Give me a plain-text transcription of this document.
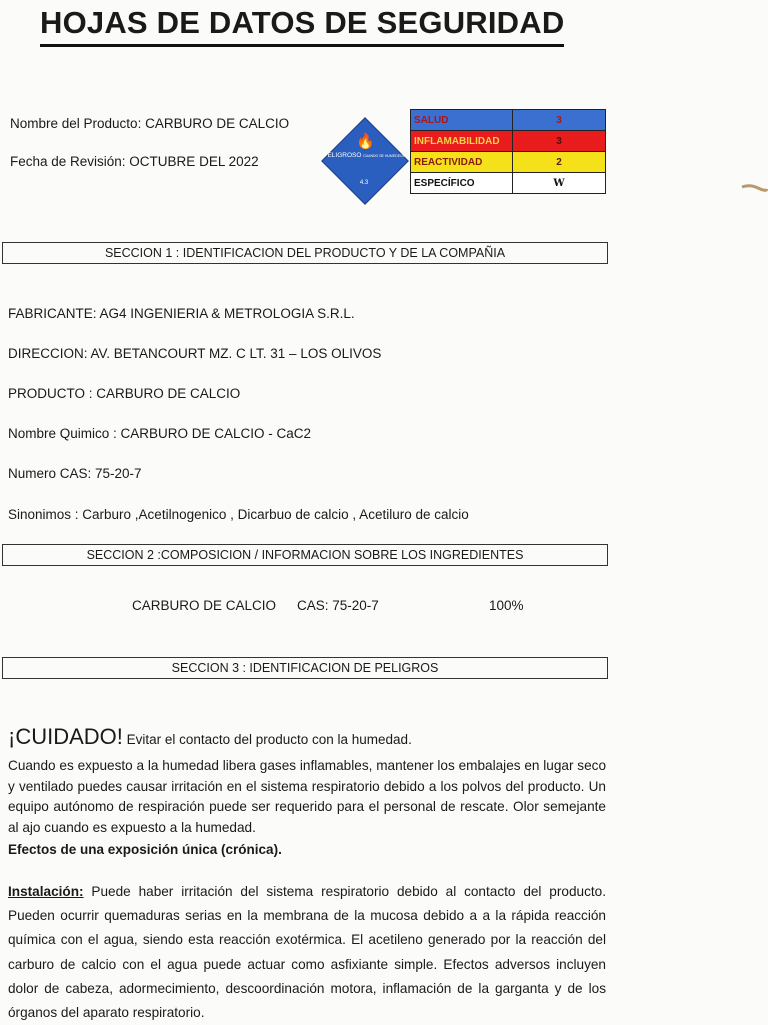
HOJAS DE DATOS DE SEGURIDAD
Nombre del Producto: CARBURO DE CALCIO
Fecha de Revisión: OCTUBRE DEL 2022
🔥
PELIGROSO CUANDO SE HUMEDECE
4.3
SALUD	3
INFLAMABILIDAD	3
REACTIVIDAD	2
ESPECÍFICO	W
SECCION 1 : IDENTIFICACION DEL PRODUCTO Y DE LA COMPAÑIA
FABRICANTE: AG4 INGENIERIA & METROLOGIA S.R.L.
DIRECCION: AV. BETANCOURT MZ. C LT. 31 – LOS OLIVOS
PRODUCTO : CARBURO DE CALCIO
Nombre Quimico : CARBURO DE CALCIO - CaC2
Numero CAS: 75-20-7
Sinonimos : Carburo ,Acetilnogenico , Dicarbuo de calcio , Acetiluro de calcio
SECCION 2 :COMPOSICION / INFORMACION SOBRE LOS INGREDIENTES
CARBURO DE CALCIO CAS: 75-20-7	100%
SECCION 3 : IDENTIFICACION DE PELIGROS
¡CUIDADO! Evitar el contacto del producto con la humedad.
Cuando es expuesto a la humedad libera gases inflamables, mantener los embalajes en lugar seco y ventilado puedes causar irritación en el sistema respiratorio debido a los polvos del producto. Un equipo autónomo de respiración puede ser requerido para el personal de rescate. Olor semejante al ajo cuando es expuesto a la humedad.
Efectos de una exposición única (crónica).
Instalación: Puede haber irritación del sistema respiratorio debido al contacto del producto. Pueden ocurrir quemaduras serias en la membrana de la mucosa debido a a la rápida reacción química con el agua, siendo esta reacción exotérmica. El acetileno generado por la reacción del carburo de calcio con el agua puede actuar como asfixiante simple. Efectos adversos incluyen dolor de cabeza, adormecimiento, descoordinación motora, inflamación de la garganta y de los órganos del aparato respiratorio.
